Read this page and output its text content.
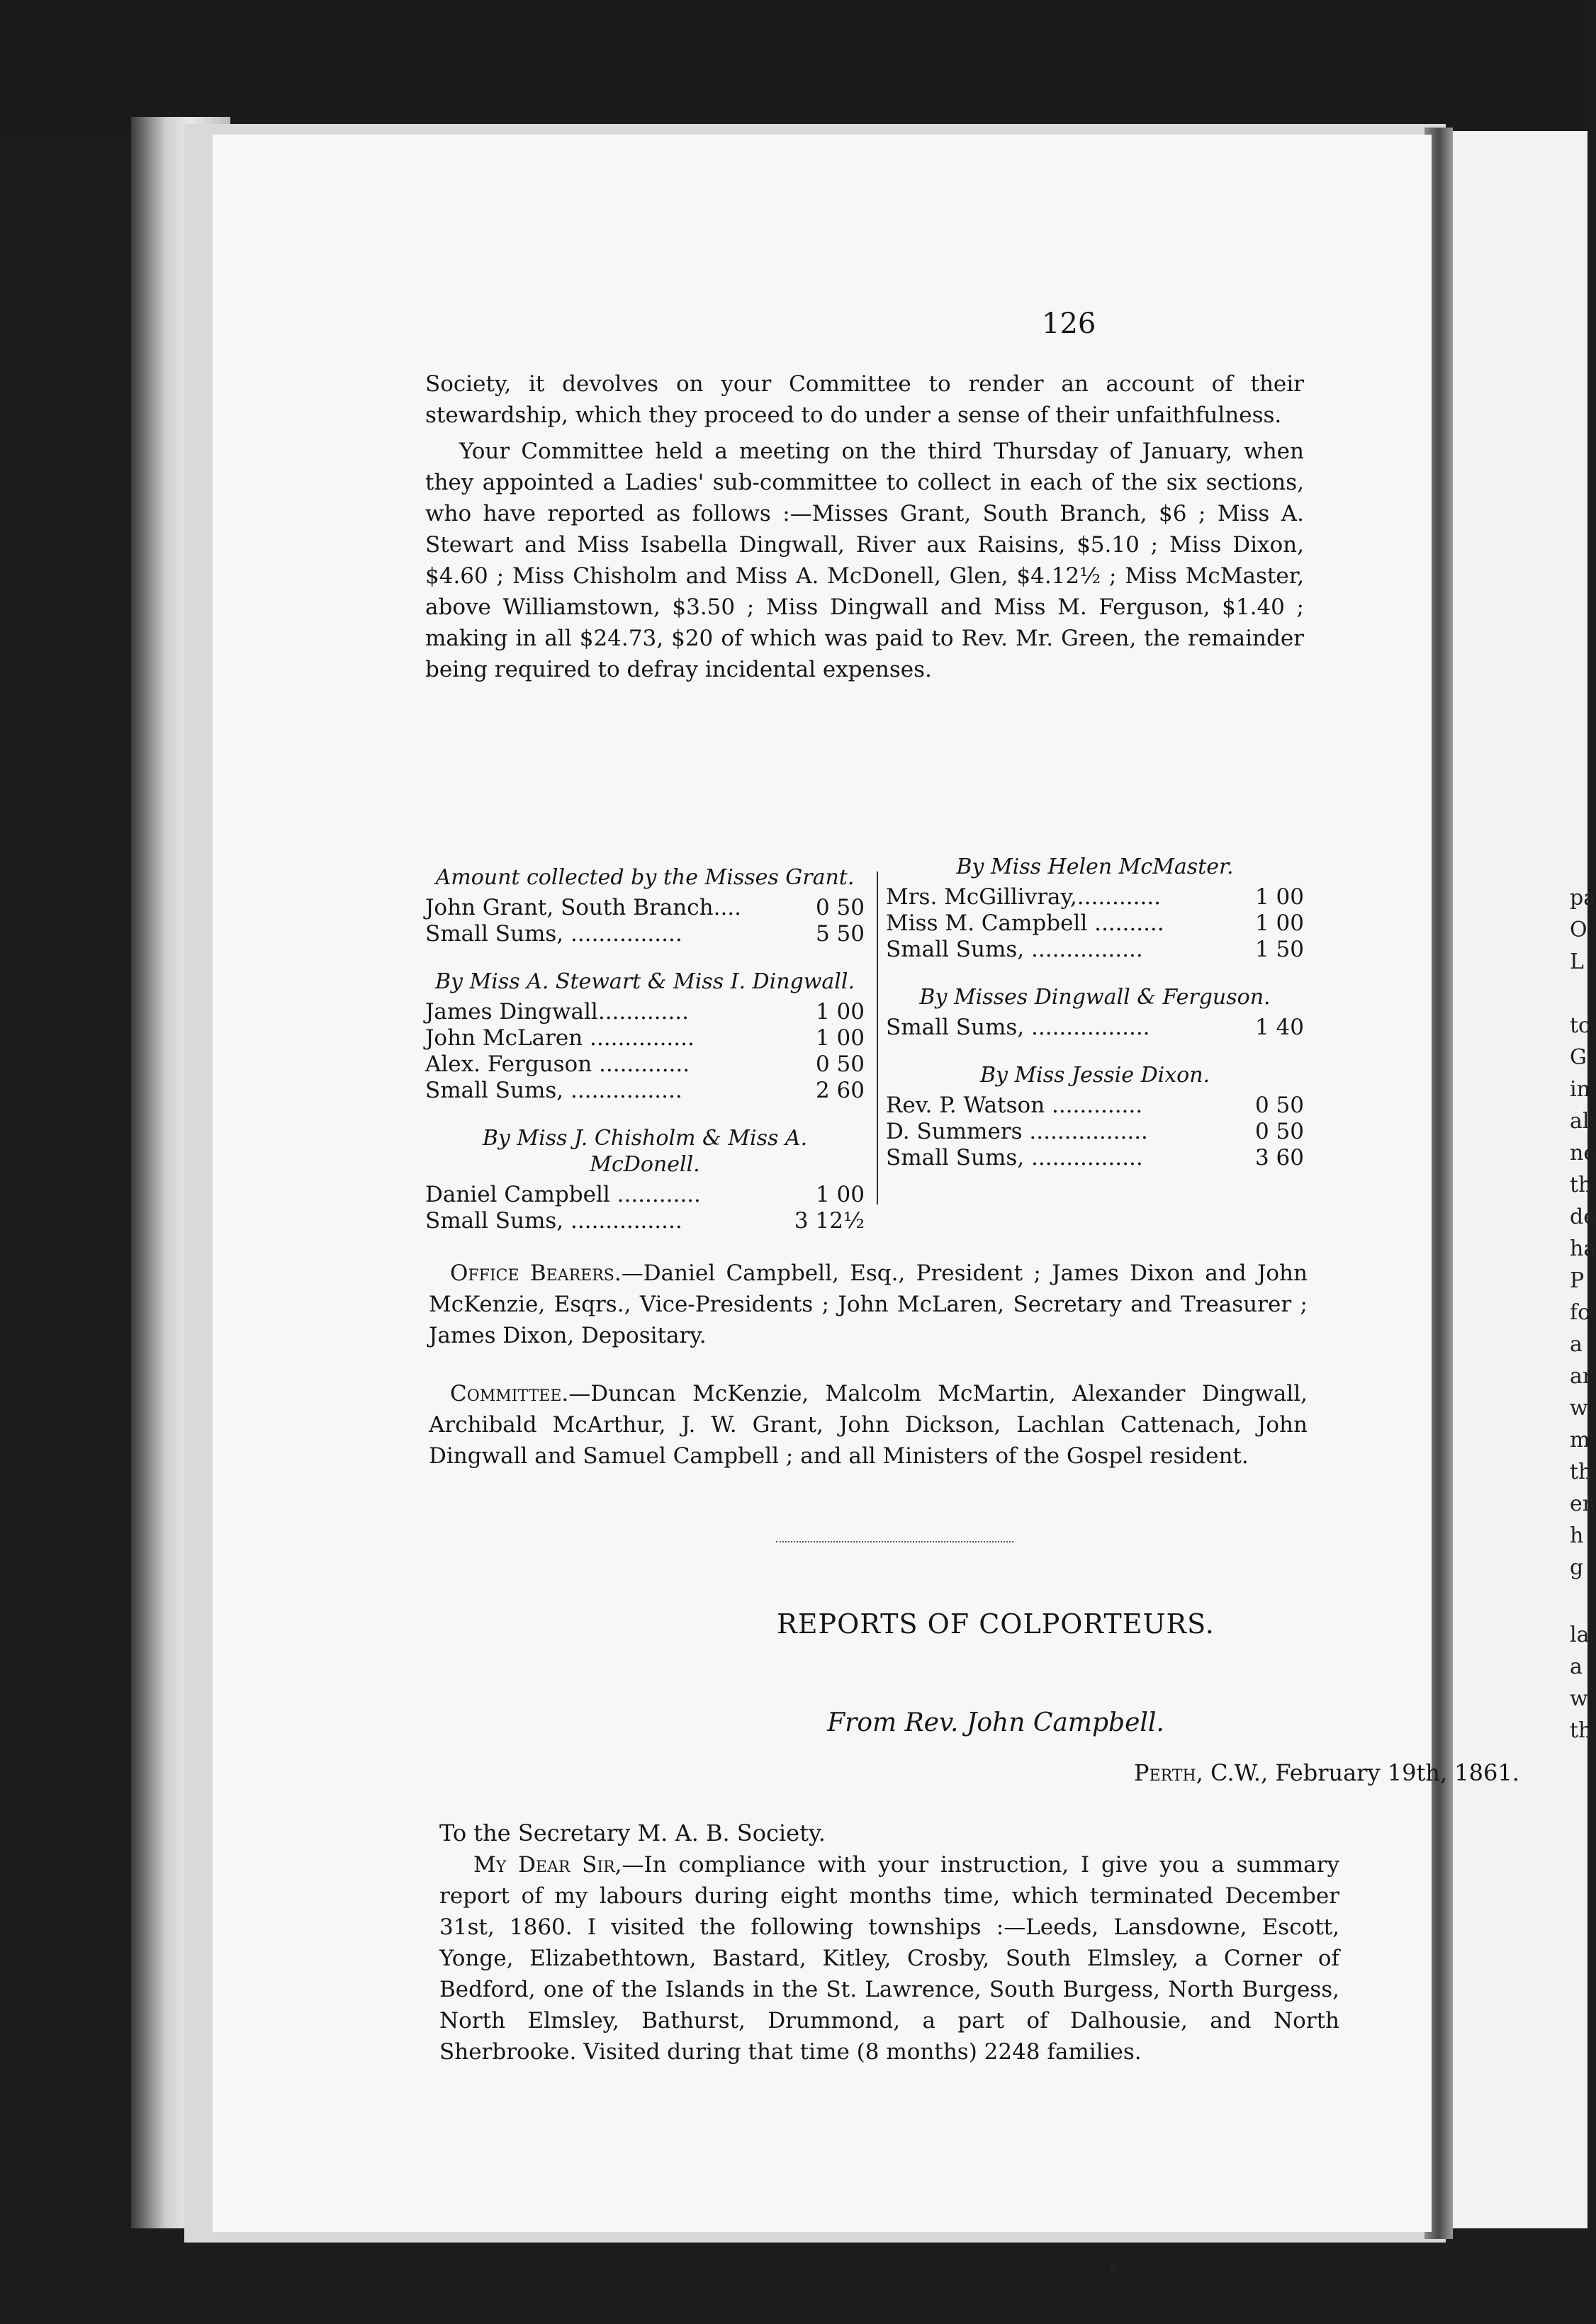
pa
O
L
to
G
in
al
ne
th
de
ha
P
fo
a
ar
w
m
th
en
h
g
la
a
w
th
126
Society, it devolves on your Committee to render an account of their stewardship, which they proceed to do under a sense of their unfaithfulness.
Your Committee held a meeting on the third Thursday of January, when they appointed a Ladies' sub-committee to collect in each of the six sections, who have reported as follows :—Misses Grant, South Branch, $6 ; Miss A. Stewart and Miss Isabella Dingwall, River aux Raisins, $5.10 ; Miss Dixon, $4.60 ; Miss Chisholm and Miss A. McDonell, Glen, $4.12½ ; Miss McMaster, above Williamstown, $3.50 ; Miss Dingwall and Miss M. Ferguson, $1.40 ; making in all $24.73, $20 of which was paid to Rev. Mr. Green, the remainder being required to defray incidental expenses.
Amount collected by the Misses Grant.
John Grant, South Branch....	0 50
Small Sums, ................	5 50
By Miss A. Stewart & Miss I. Dingwall.
James Dingwall.............	1 00
John McLaren ...............	1 00
Alex. Ferguson .............	0 50
Small Sums, ................	2 60
By Miss J. Chisholm & Miss A. McDonell.
Daniel Campbell ............	1 00
Small Sums, ................	3 12½
By Miss Helen McMaster.
Mrs. McGillivray,............	1 00
Miss M. Campbell ..........	1 00
Small Sums, ................	1 50
By Misses Dingwall & Ferguson.
Small Sums, .................	1 40
By Miss Jessie Dixon.
Rev. P. Watson .............	0 50
D. Summers .................	0 50
Small Sums, ................	3 60
Office Bearers.—Daniel Campbell, Esq., President ; James Dixon and John McKenzie, Esqrs., Vice-Presidents ; John McLaren, Secretary and Treasurer ; James Dixon, Depositary.
Committee.—Duncan McKenzie, Malcolm McMartin, Alexander Dingwall, Archibald McArthur, J. W. Grant, John Dickson, Lachlan Cattenach, John Dingwall and Samuel Campbell ; and all Ministers of the Gospel resident.
REPORTS OF COLPORTEURS.
From Rev. John Campbell.
Perth, C.W., February 19th, 1861.
To the Secretary M. A. B. Society.
My Dear Sir,—In compliance with your instruction, I give you a summary report of my labours during eight months time, which terminated December 31st, 1860. I visited the following townships :—Leeds, Lansdowne, Escott, Yonge, Elizabethtown, Bastard, Kitley, Crosby, South Elmsley, a Corner of Bedford, one of the Islands in the St. Lawrence, South Burgess, North Burgess, North Elmsley, Bathurst, Drummond, a part of Dalhousie, and North Sherbrooke. Visited during that time (8 months) 2248 families.
